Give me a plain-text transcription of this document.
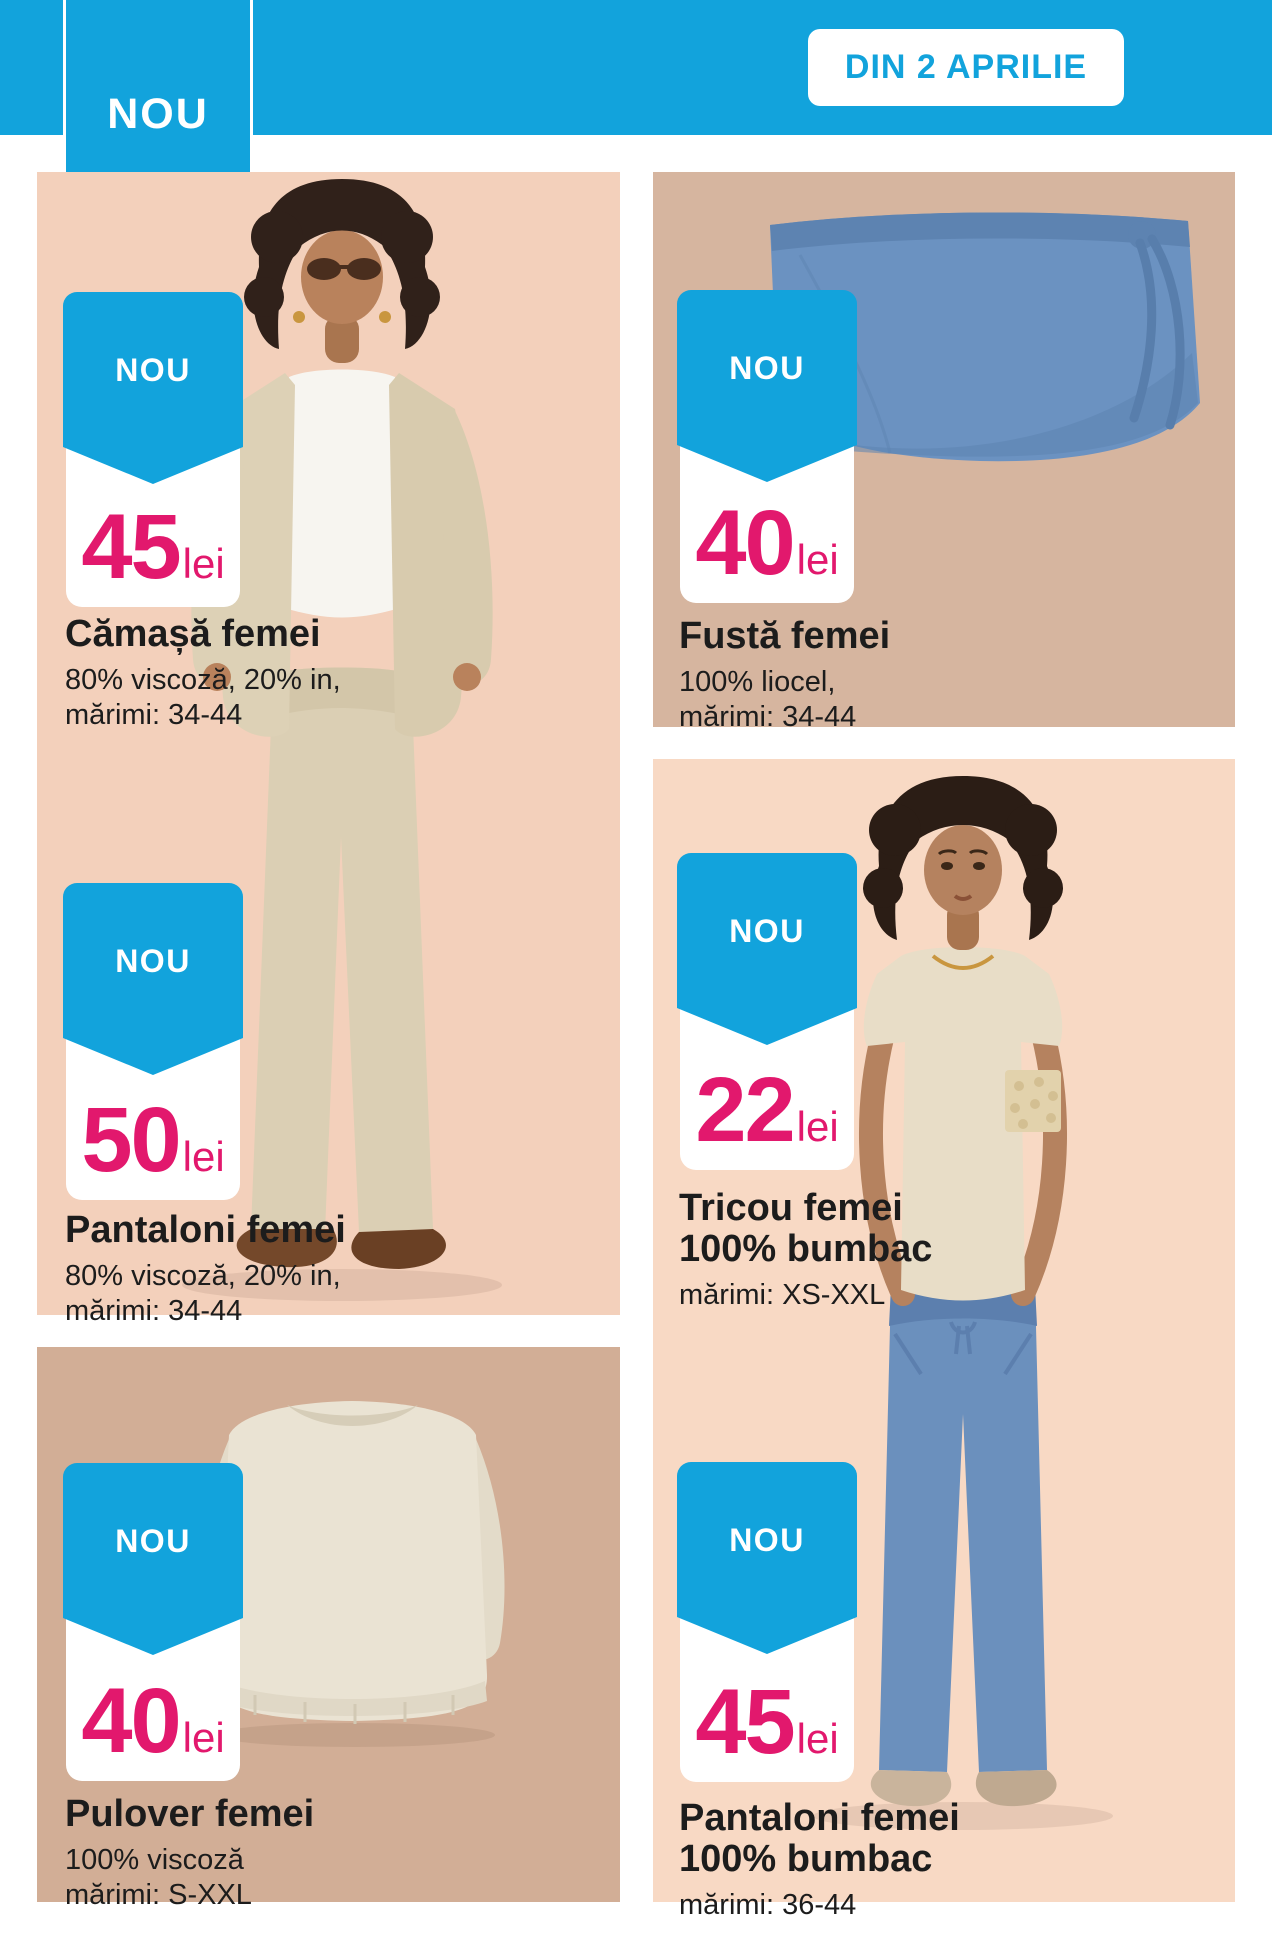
NOU
DIN 2 APRILIE
45 lei
NOU
Cămașă femei
80% viscoză, 20% in,
mărimi: 34-44
40 lei
NOU
Fustă femei
100% liocel,
mărimi: 34-44
50 lei
NOU
Pantaloni femei
80% viscoză, 20% in,
mărimi: 34-44
22 lei
NOU
Tricou femei
100% bumbac
mărimi: XS-XXL
40 lei
NOU
Pulover femei
100% viscoză
mărimi: S-XXL
45 lei
NOU
Pantaloni femei
100% bumbac
mărimi: 36-44
